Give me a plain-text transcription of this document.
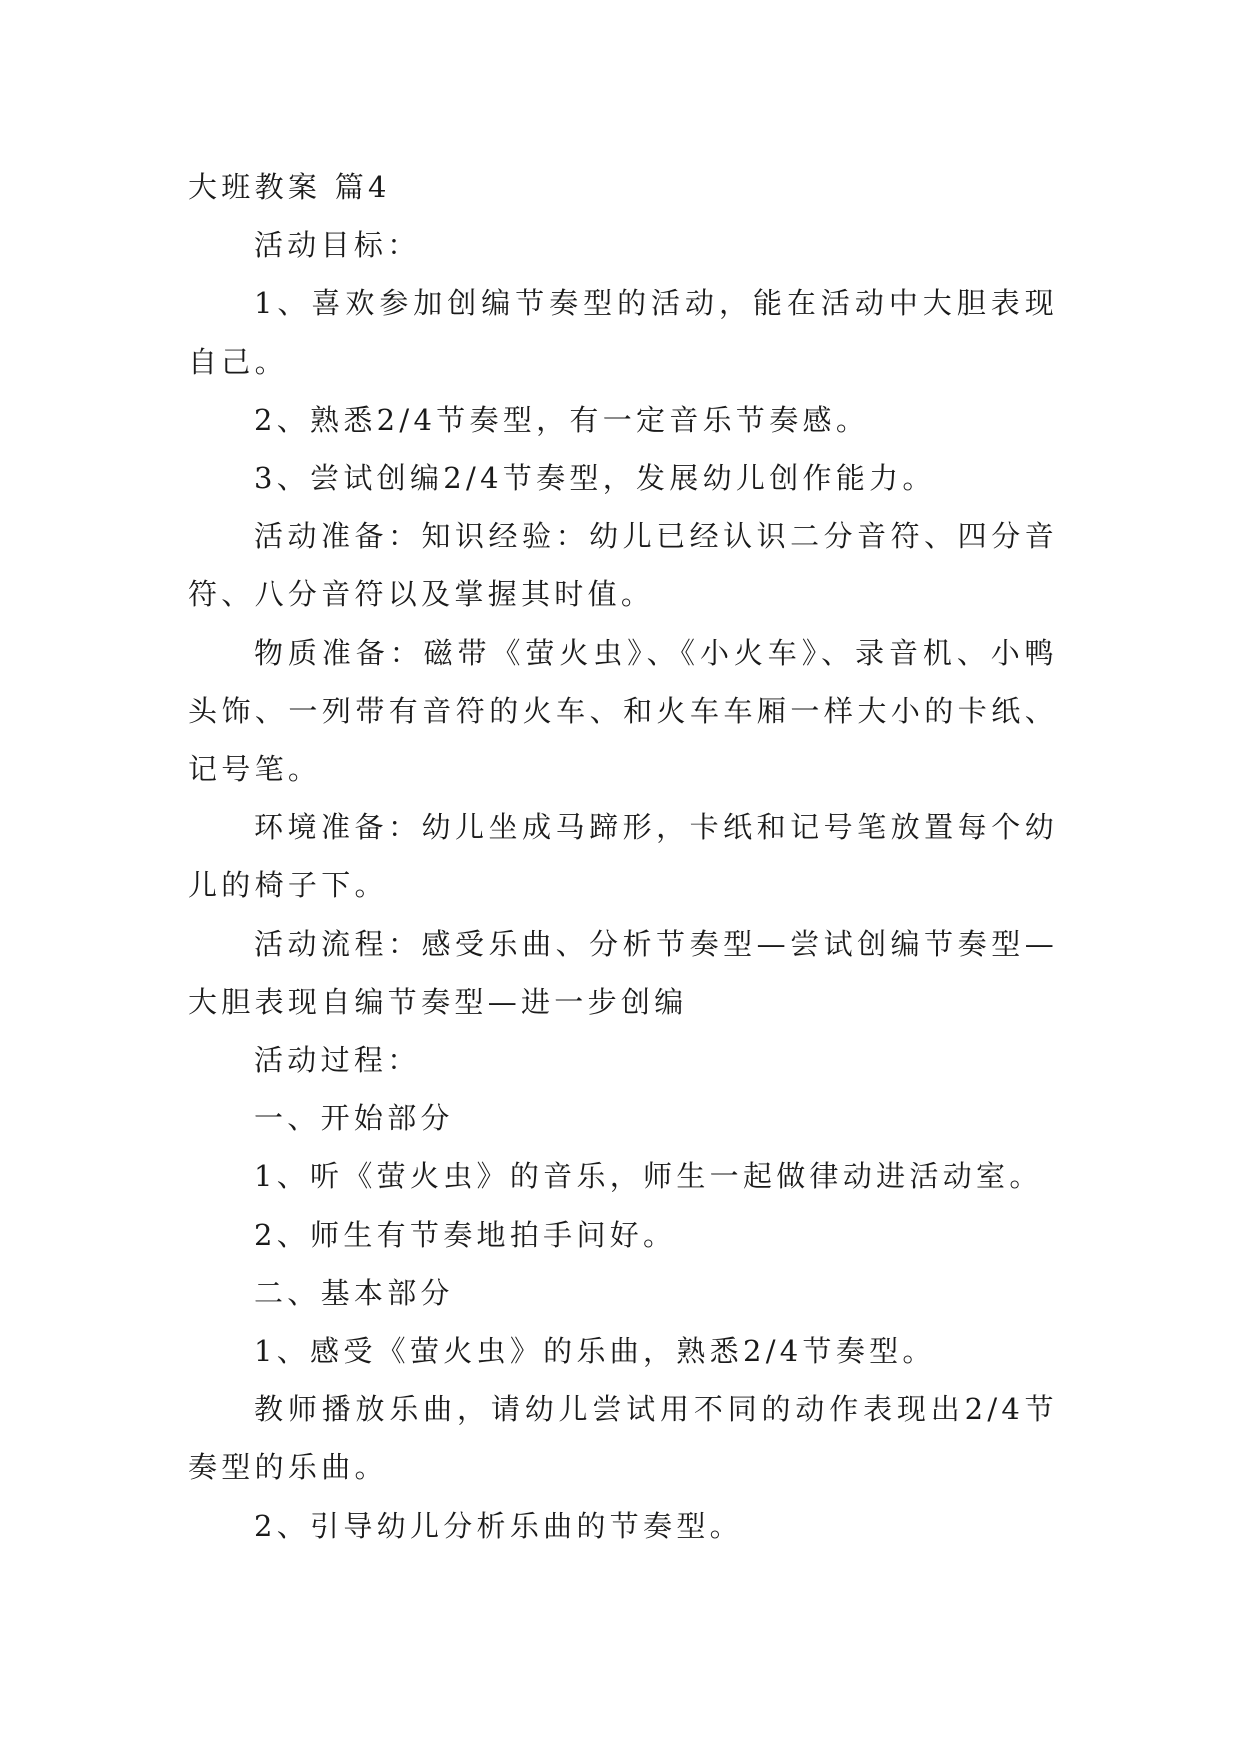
大班教案 篇4

活动目标：

1、喜欢参加创编节奏型的活动，能在活动中大胆表现自己。

2、熟悉2/4节奏型，有一定音乐节奏感。

3、尝试创编2/4节奏型，发展幼儿创作能力。

活动准备：知识经验：幼儿已经认识二分音符、四分音符、八分音符以及掌握其时值。

物质准备：磁带《萤火虫》、《小火车》、录音机、小鸭头饰、一列带有音符的火车、和火车车厢一样大小的卡纸、记号笔。

环境准备：幼儿坐成马蹄形，卡纸和记号笔放置每个幼儿的椅子下。

活动流程：感受乐曲、分析节奏型—尝试创编节奏型—大胆表现自编节奏型—进一步创编

活动过程：

一、开始部分

1、听《萤火虫》的音乐，师生一起做律动进活动室。

2、师生有节奏地拍手问好。

二、基本部分

1、感受《萤火虫》的乐曲，熟悉2/4节奏型。

教师播放乐曲，请幼儿尝试用不同的动作表现出2/4节奏型的乐曲。

2、引导幼儿分析乐曲的节奏型。
